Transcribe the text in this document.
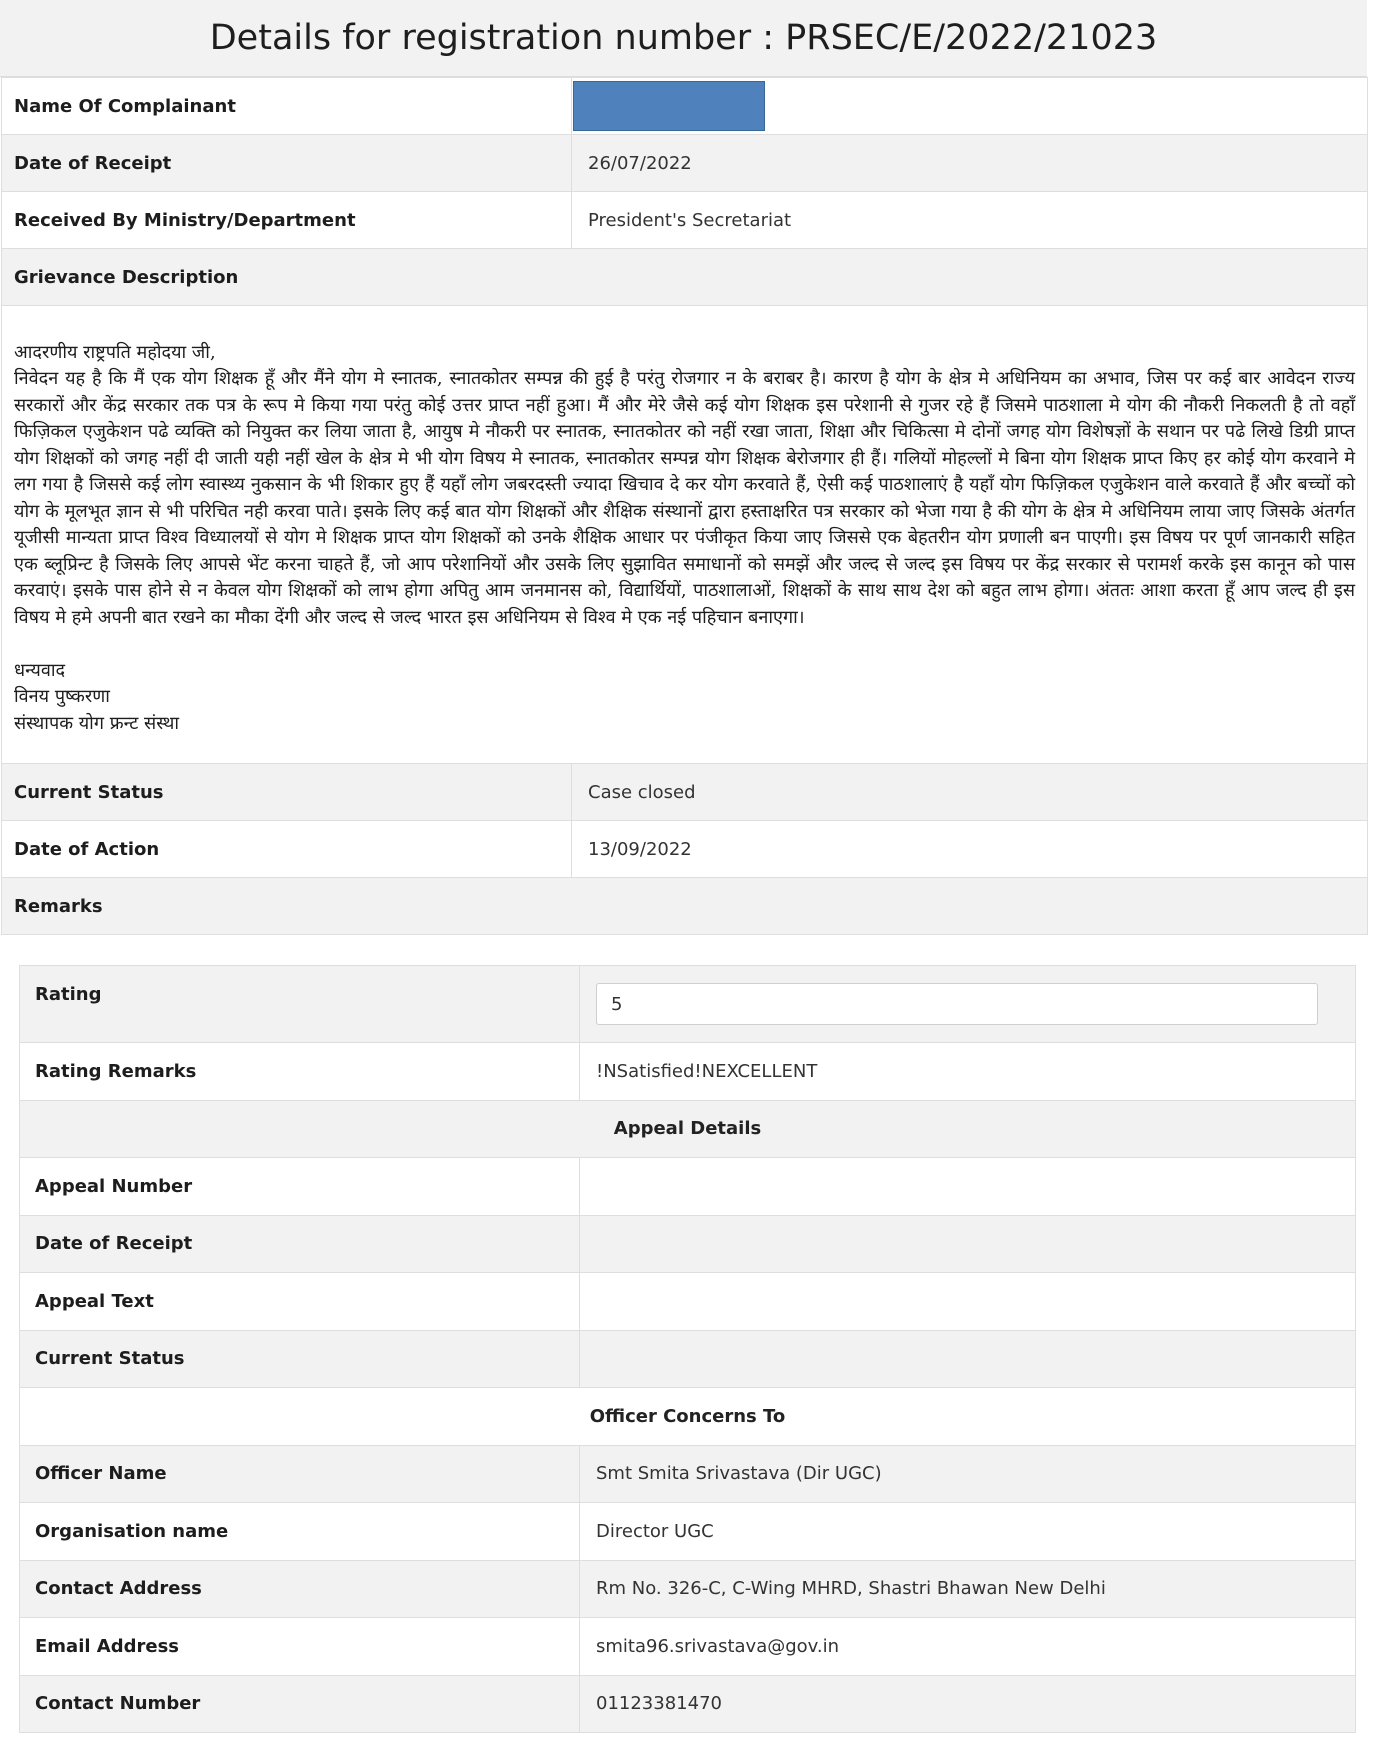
Details for registration number : PRSEC/E/2022/21023
Name Of Complainant	

Date of Receipt	26/07/2022
Received By Ministry/Department	President's Secretariat
Grievance Description	

आदरणीय राष्ट्रपति महोदया जी,

निवेदन यह है कि मैं एक योग शिक्षक हूँ और मैंने योग मे स्नातक, स्नातकोतर सम्पन्न की हुई है परंतु रोजगार न के बराबर है। कारण है योग के क्षेत्र मे अधिनियम का अभाव, जिस पर कई बार आवेदन राज्य सरकारों और केंद्र सरकार तक पत्र के रूप मे किया गया परंतु कोई उत्तर प्राप्त नहीं हुआ। मैं और मेरे जैसे कई योग शिक्षक इस परेशानी से गुजर रहे हैं जिसमे पाठशाला मे योग की नौकरी निकलती है तो वहाँ फिज़िकल एजुकेशन पढे व्यक्ति को नियुक्त कर लिया जाता है, आयुष मे नौकरी पर स्नातक, स्नातकोतर को नहीं रखा जाता, शिक्षा और चिकित्सा मे दोनों जगह योग विशेषज्ञों के सथान पर पढे लिखे डिग्री प्राप्त योग शिक्षकों को जगह नहीं दी जाती यही नहीं खेल के क्षेत्र मे भी योग विषय मे स्नातक, स्नातकोतर सम्पन्न योग शिक्षक बेरोजगार ही हैं। गलियों मोहल्लों मे बिना योग शिक्षक प्राप्त किए हर कोई योग करवाने मे लग गया है जिससे कई लोग स्वास्थ्य नुकसान के भी शिकार हुए हैं यहाँ लोग जबरदस्ती ज्यादा खिचाव दे कर योग करवाते हैं, ऐसी कई पाठशालाएं है यहाँ योग फिज़िकल एजुकेशन वाले करवाते हैं और बच्चों को योग के मूलभूत ज्ञान से भी परिचित नही करवा पाते। इसके लिए कई बात योग शिक्षकों और शैक्षिक संस्थानों द्वारा हस्ताक्षरित पत्र सरकार को भेजा गया है की योग के क्षेत्र मे अधिनियम लाया जाए जिसके अंतर्गत यूजीसी मान्यता प्राप्त विश्व विध्यालयों से योग मे शिक्षक प्राप्त योग शिक्षकों को उनके शैक्षिक आधार पर पंजीकृत किया जाए जिससे एक बेहतरीन योग प्रणाली बन पाएगी। इस विषय पर पूर्ण जानकारी सहित एक ब्लूप्रिन्ट है जिसके लिए आपसे भेंट करना चाहते हैं, जो आप परेशानियों और उसके लिए सुझावित समाधानों को समझें और जल्द से जल्द इस विषय पर केंद्र सरकार से परामर्श करके इस कानून को पास करवाएं। इसके पास होने से न केवल योग शिक्षकों को लाभ होगा अपितु आम जनमानस को, विद्यार्थियों, पाठशालाओं, शिक्षकों के साथ साथ देश को बहुत लाभ होगा। अंततः आशा करता हूँ आप जल्द ही इस विषय मे हमे अपनी बात रखने का मौका देंगी और जल्द से जल्द भारत इस अधिनियम से विश्व मे एक नई पहिचान बनाएगा।

धन्यवाद

विनय पुष्करणा

संस्थापक योग फ्रन्ट संस्था	

Current Status	Case closed
Date of Action	13/09/2022
Remarks	
Rating	5

Rating Remarks	!NSatisfied!NEXCELLENT
Appeal Details	
Appeal Number	
Date of Receipt	
Appeal Text	
Current Status	
Officer Concerns To	
Officer Name	Smt Smita Srivastava (Dir UGC)
Organisation name	Director UGC
Contact Address	Rm No. 326-C, C-Wing MHRD, Shastri Bhawan New Delhi
Email Address	smita96.srivastava@gov.in
Contact Number	01123381470
